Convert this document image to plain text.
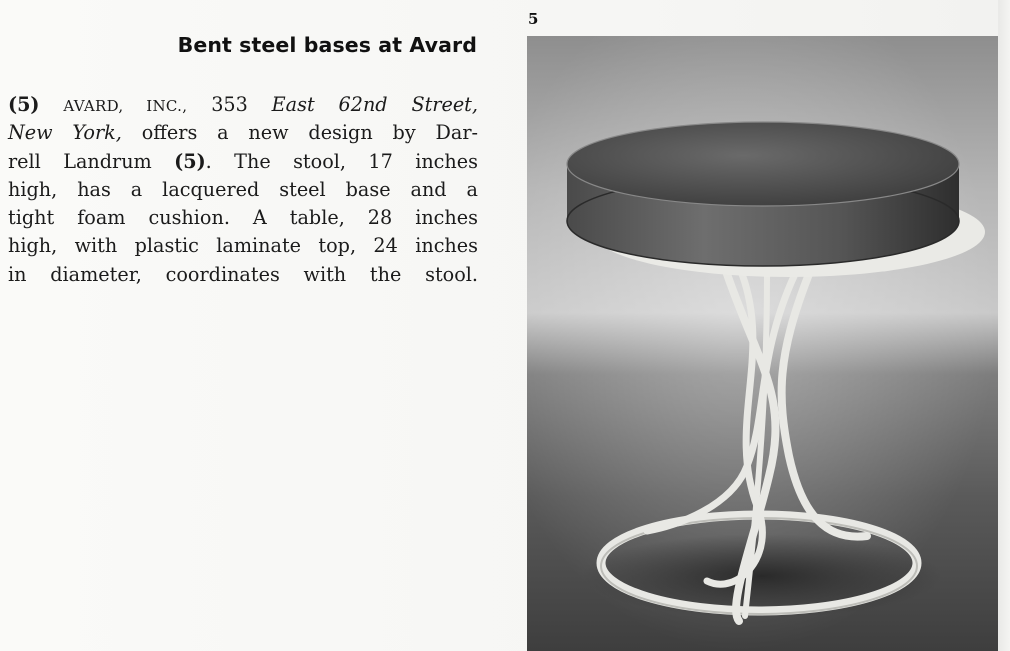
Bent steel bases at Avard
(5) AVARD, INC., 353 East 62nd Street,
New York, offers a new design by Dar-
rell Landrum (5). The stool, 17 inches
high, has a lacquered steel base and a
tight foam cushion. A table, 28 inches
high, with plastic laminate top, 24 inches
in diameter, coordinates with the stool.
5
